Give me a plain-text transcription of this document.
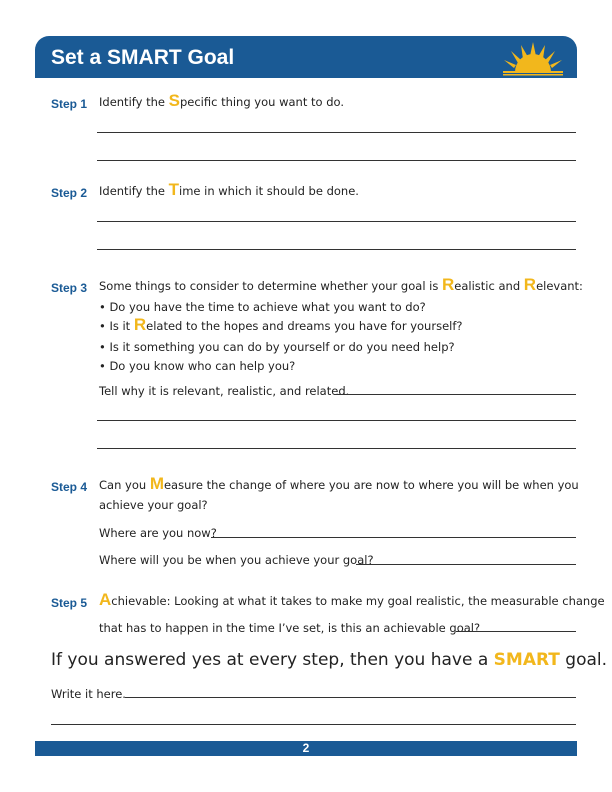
Set a SMART Goal
Step 1 Identify the Specific thing you want to do.
Step 2 Identify the Time in which it should be done.
Step 3 Some things to consider to determine whether your goal is Realistic and Relevant:
• Do you have the time to achieve what you want to do?
• Is it Related to the hopes and dreams you have for yourself?
• Is it something you can do by yourself or do you need help?
• Do you know who can help you?
Tell why it is relevant, realistic, and related.
Step 4 Can you Measure the change of where you are now to where you will be when you
achieve your goal?
Where are you now?
Where will you be when you achieve your goal?
Step 5 Achievable: Looking at what it takes to make my goal realistic, the measurable change
that has to happen in the time I’ve set, is this an achievable goal?
If you answered yes at every step, then you have a SMART goal.
Write it here.
2
